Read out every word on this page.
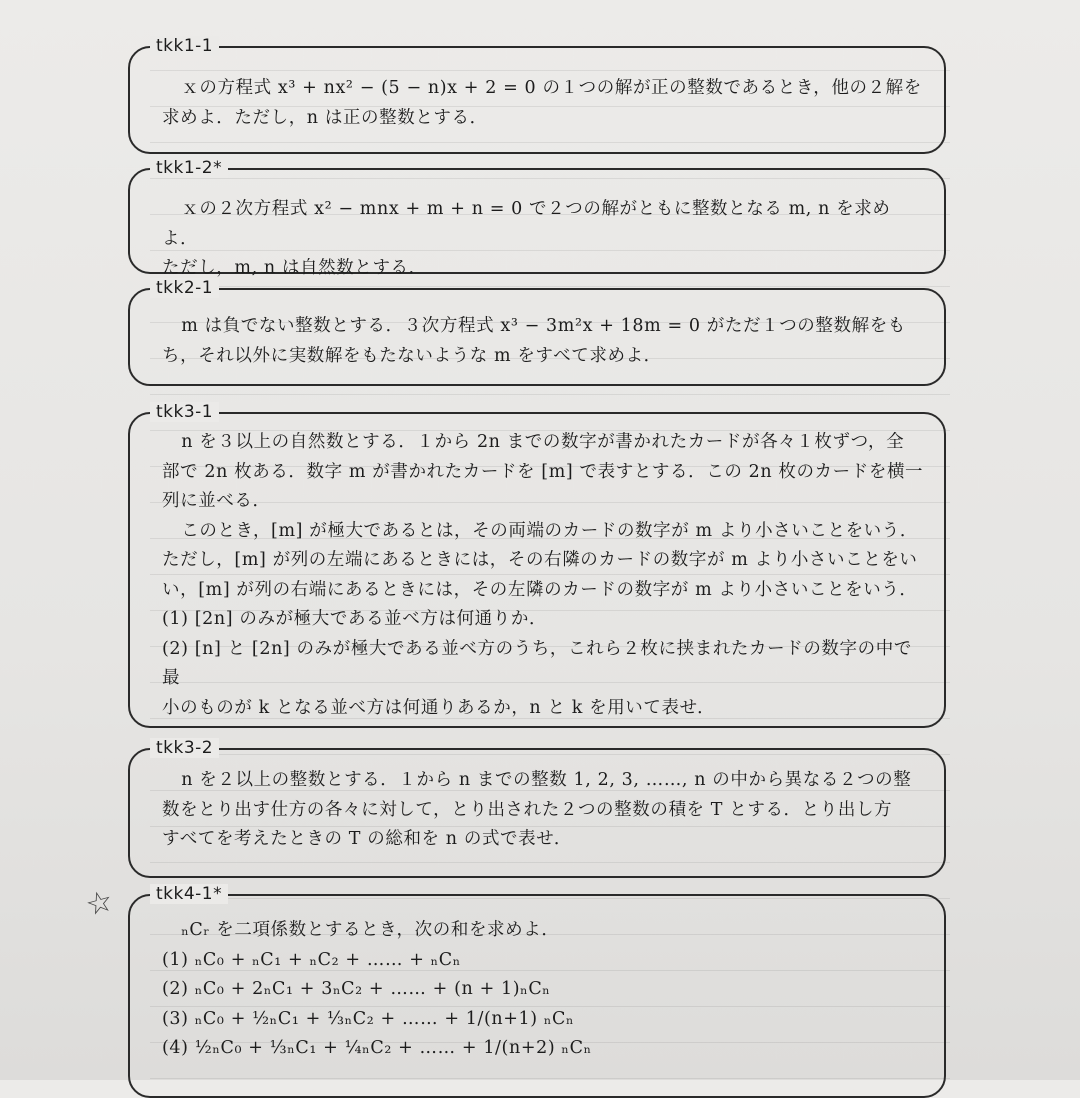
tkk1-1

ｘの方程式 x³ + nx² − (5 − n)x + 2 = 0 の１つの解が正の整数であるとき，他の２解を

求めよ．ただし，n は正の整数とする．

tkk1-2*

ｘの２次方程式 x² − mnx + m + n = 0 で２つの解がともに整数となる m, n を求めよ．

ただし，m, n は自然数とする．

tkk2-1

m は負でない整数とする．３次方程式 x³ − 3m²x + 18m = 0 がただ１つの整数解をも

ち，それ以外に実数解をもたないような m をすべて求めよ．

tkk3-1

n を３以上の自然数とする．１から 2n までの数字が書かれたカードが各々１枚ずつ，全

部で 2n 枚ある．数字 m が書かれたカードを [m] で表すとする．この 2n 枚のカードを横一

列に並べる．

このとき，[m] が極大であるとは，その両端のカードの数字が m より小さいことをいう．

ただし，[m] が列の左端にあるときには，その右隣のカードの数字が m より小さいことをい

い，[m] が列の右端にあるときには，その左隣のカードの数字が m より小さいことをいう．

(1) [2n] のみが極大である並べ方は何通りか．

(2) [n] と [2n] のみが極大である並べ方のうち，これら２枚に挟まれたカードの数字の中で最

小のものが k となる並べ方は何通りあるか，n と k を用いて表せ．

tkk3-2

n を２以上の整数とする．１から n までの整数 1, 2, 3, ……, n の中から異なる２つの整

数をとり出す仕方の各々に対して，とり出された２つの整数の積を T とする．とり出し方

すべてを考えたときの T の総和を n の式で表せ．

tkk4-1*

ₙCᵣ を二項係数とするとき，次の和を求めよ．

(1) ₙC₀ + ₙC₁ + ₙC₂ + …… + ₙCₙ

(2) ₙC₀ + 2ₙC₁ + 3ₙC₂ + …… + (n + 1)ₙCₙ

(3) ₙC₀ + ½ₙC₁ + ⅓ₙC₂ + …… + 1/(n+1) ₙCₙ

(4) ½ₙC₀ + ⅓ₙC₁ + ¼ₙC₂ + …… + 1/(n+2) ₙCₙ

☆
